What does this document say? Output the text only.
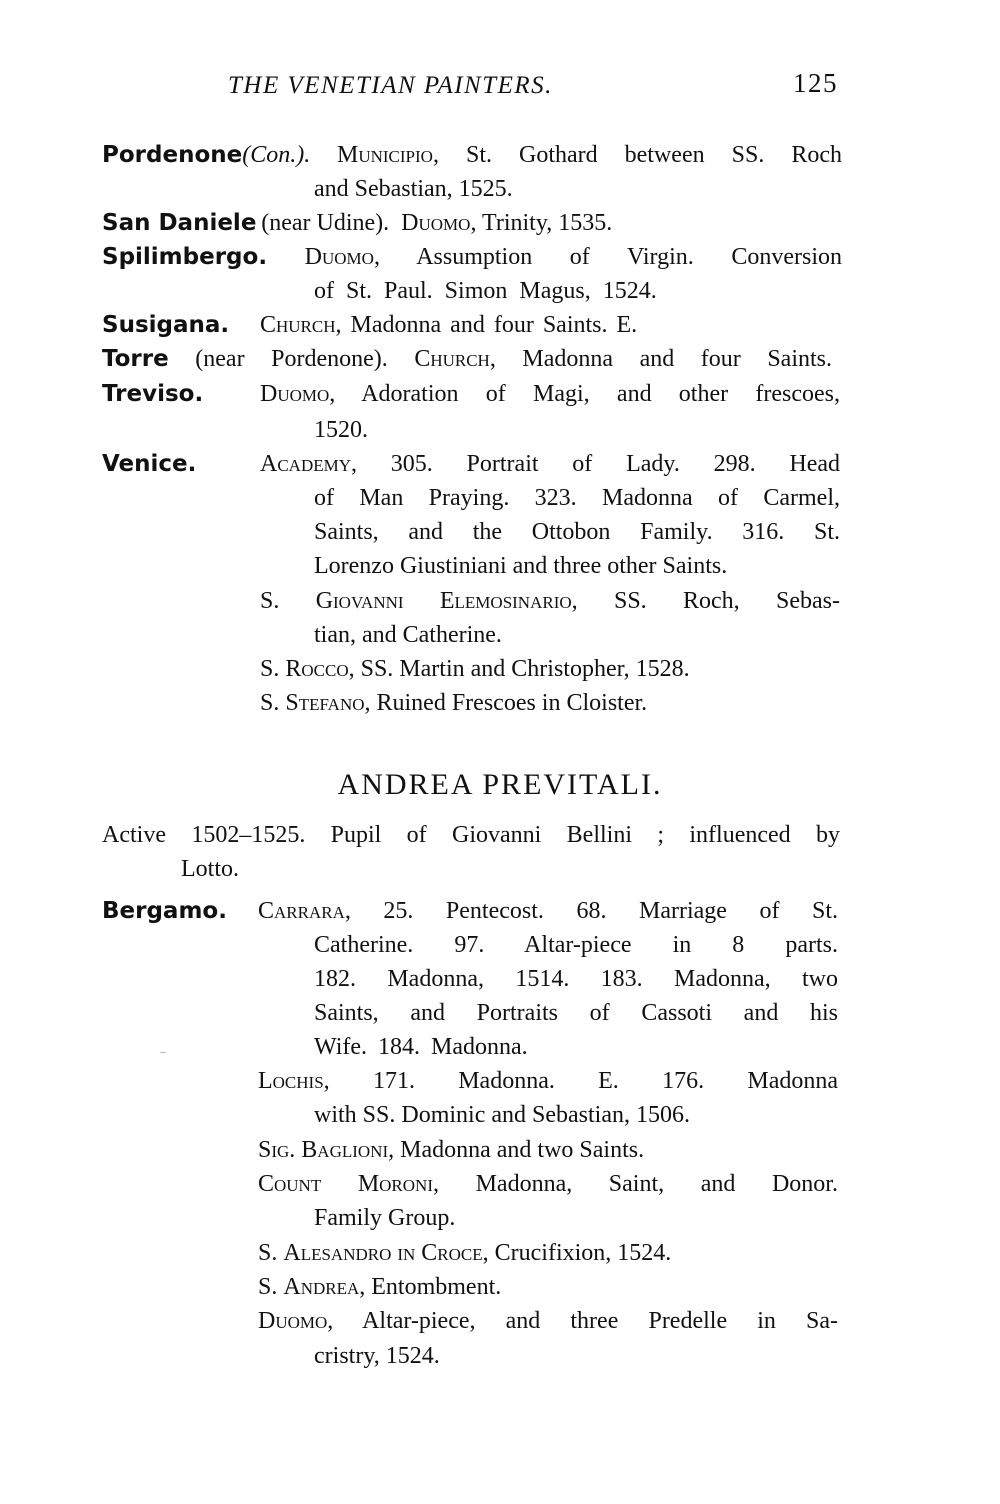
THE VENETIAN PAINTERS.	125
Pordenone(Con.). Municipio, St. Gothard between SS. Roch
and Sebastian, 1525.
San Daniele  (near Udine). Duomo, Trinity, 1535.
Spilimbergo. Duomo, Assumption of Virgin. Conversion
of St. Paul. Simon Magus, 1524.
Susigana. Church, Madonna and four Saints. E.
Torre (near Pordenone). Church, Madonna and four Saints.
Treviso. Duomo, Adoration of Magi, and other frescoes,
1520.
Venice.	Academy, 305. Portrait of Lady. 298. Head
of Man Praying. 323. Madonna of Carmel,
Saints, and the Ottobon Family. 316. St.
Lorenzo Giustiniani and three other Saints.
S. Giovanni Elemosinario, SS. Roch, Sebas-
tian, and Catherine.
S. Rocco, SS. Martin and Christopher, 1528.
S. Stefano, Ruined Frescoes in Cloister.
ANDREA PREVITALI.
Active 1502–1525. Pupil of Giovanni Bellini ; influenced by
Lotto.
Bergamo. Carrara, 25. Pentecost. 68. Marriage of St.
Catherine. 97. Altar-piece in 8 parts.
182. Madonna, 1514. 183. Madonna, two
Saints, and Portraits of Cassoti and his
Wife. 184. Madonna.
Lochis, 171. Madonna. E. 176. Madonna
with SS. Dominic and Sebastian, 1506.
Sig. Baglioni, Madonna and two Saints.
Count Moroni, Madonna, Saint, and Donor.
Family Group.
S. Alesandro in Croce, Crucifixion, 1524.
S. Andrea, Entombment.
Duomo, Altar-piece, and three Predelle in Sa-
cristry, 1524.
